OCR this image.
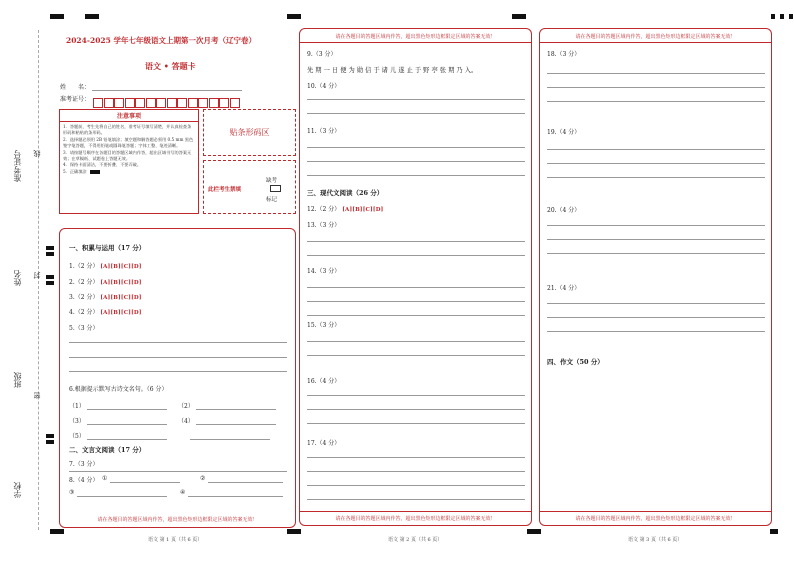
准考证号 线
姓名 封
班级
密
学校
2024-2025 学年七年级语文上期第一次月考（辽宁卷）
语文 • 答题卡
姓　　名：
准考证号：
注意事项
1．答题前，考生先将自己的姓名，准考证号填写清楚，并认真检查条形码和粘贴的条形码。
2．选择题必须用 2B 铅笔填涂；填空题和解答题必须用 0.5 mm 黑色签字笔答题，不得用铅笔或圆珠笔答题；字体工整、笔迹清晰。
3．请按题号顺序在各题目的答题区域内作答，超出区域书写的答案无效；在草稿纸、试题卷上答题无效。
4．保持卡面清洁，不要折叠、不要弄破。
5．正确填涂
贴条形码区
此栏考生禁填
缺考
标记
一、积累与运用（17 分）
1.（2 分） [A][B][C][D]
2.（2 分） [A][B][C][D]
3.（2 分） [A][B][C][D]
4.（2 分） [A][B][C][D]
5.（3 分）
6.根据提示默写古诗文名句。（6 分）
（1）	（2）
（3）	（4）
（5）
二、文言文阅读（17 分）
7.（3 分）
8.（4 分） ①	②
③	④
请在各题目的答题区域内作答，超出黑色矩形边框限定区域的答案无效！
语文 第 1 页（共 6 页）
请在各题目的答题区域内作答，超出黑色矩形边框限定区域的答案无效！
9.（3 分）
先 期 一 日 便 为 勋 信 于 诸 儿 遂 止 于 野 亭 张 期 乃 入。
10.（4 分）
11.（3 分）
三、现代文阅读（26 分）
12.（2 分） [A][B][C][D]
13.（3 分）
14.（3 分）
15.（3 分）
16.（4 分）
17.（4 分）
请在各题目的答题区域内作答，超出黑色矩形边框限定区域的答案无效！
语文 第 2 页（共 6 页）
请在各题目的答题区域内作答，超出黑色矩形边框限定区域的答案无效！
18.（3 分）
19.（4 分）
20.（4 分）
21.（4 分）
四、作文（50 分）
请在各题目的答题区域内作答，超出黑色矩形边框限定区域的答案无效！
语文 第 3 页（共 6 页）
